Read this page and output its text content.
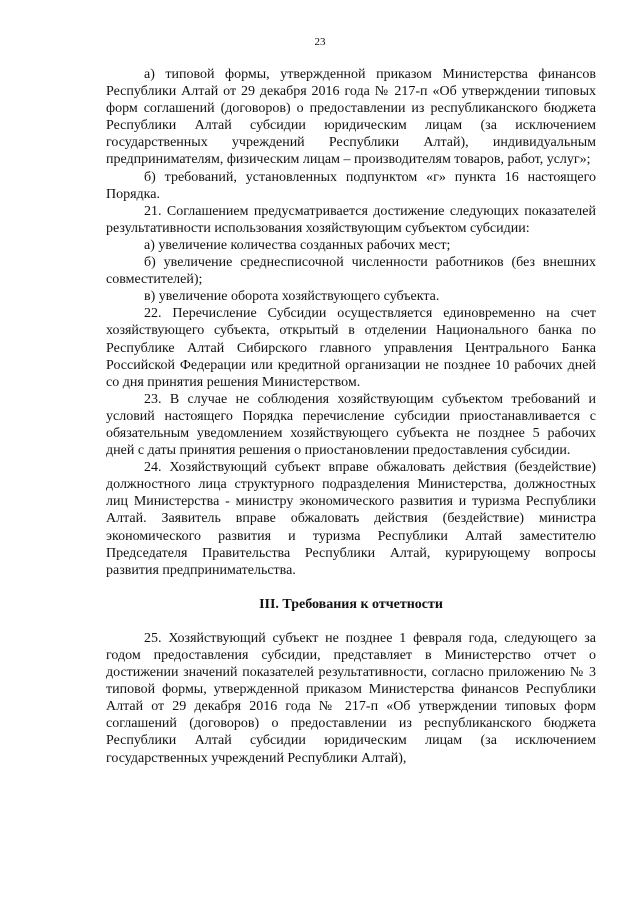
23

а) типовой формы, утвержденной приказом Министерства финансов Республики Алтай от 29 декабря 2016 года № 217-п «Об утверждении типовых форм соглашений (договоров) о предоставлении из республиканского бюджета Республики Алтай субсидии юридическим лицам (за исключением государственных учреждений Республики Алтай), индивидуальным предпринимателям, физическим лицам – производителям товаров, работ, услуг»;

б) требований, установленных подпунктом «г» пункта 16 настоящего Порядка.

21. Соглашением предусматривается достижение следующих показателей результативности использования хозяйствующим субъектом субсидии:

а) увеличение количества созданных рабочих мест;

б) увеличение среднесписочной численности работников (без внешних совместителей);

в) увеличение оборота хозяйствующего субъекта.

22. Перечисление Субсидии осуществляется единовременно на счет хозяйствующего субъекта, открытый в отделении Национального банка по Республике Алтай Сибирского главного управления Центрального Банка Российской Федерации или кредитной организации не позднее 10 рабочих дней со дня принятия решения Министерством.

23. В случае не соблюдения хозяйствующим субъектом требований и условий настоящего Порядка перечисление субсидии приостанавливается с обязательным уведомлением хозяйствующего субъекта не позднее 5 рабочих дней с даты принятия решения о приостановлении предоставления субсидии.

24. Хозяйствующий субъект вправе обжаловать действия (бездействие) должностного лица структурного подразделения Министерства, должностных лиц Министерства - министру экономического развития и туризма Республики Алтай. Заявитель вправе обжаловать действия (бездействие) министра экономического развития и туризма Республики Алтай заместителю Председателя Правительства Республики Алтай, курирующему вопросы развития предпринимательства.

III. Требования к отчетности

25. Хозяйствующий субъект не позднее 1 февраля года, следующего за годом предоставления субсидии, представляет в Министерство отчет о достижении значений показателей результативности, согласно приложению № 3 типовой формы, утвержденной приказом Министерства финансов Республики Алтай от 29 декабря 2016 года № 217-п «Об утверждении типовых форм соглашений (договоров) о предоставлении из республиканского бюджета Республики Алтай субсидии юридическим лицам (за исключением государственных учреждений Республики Алтай),
